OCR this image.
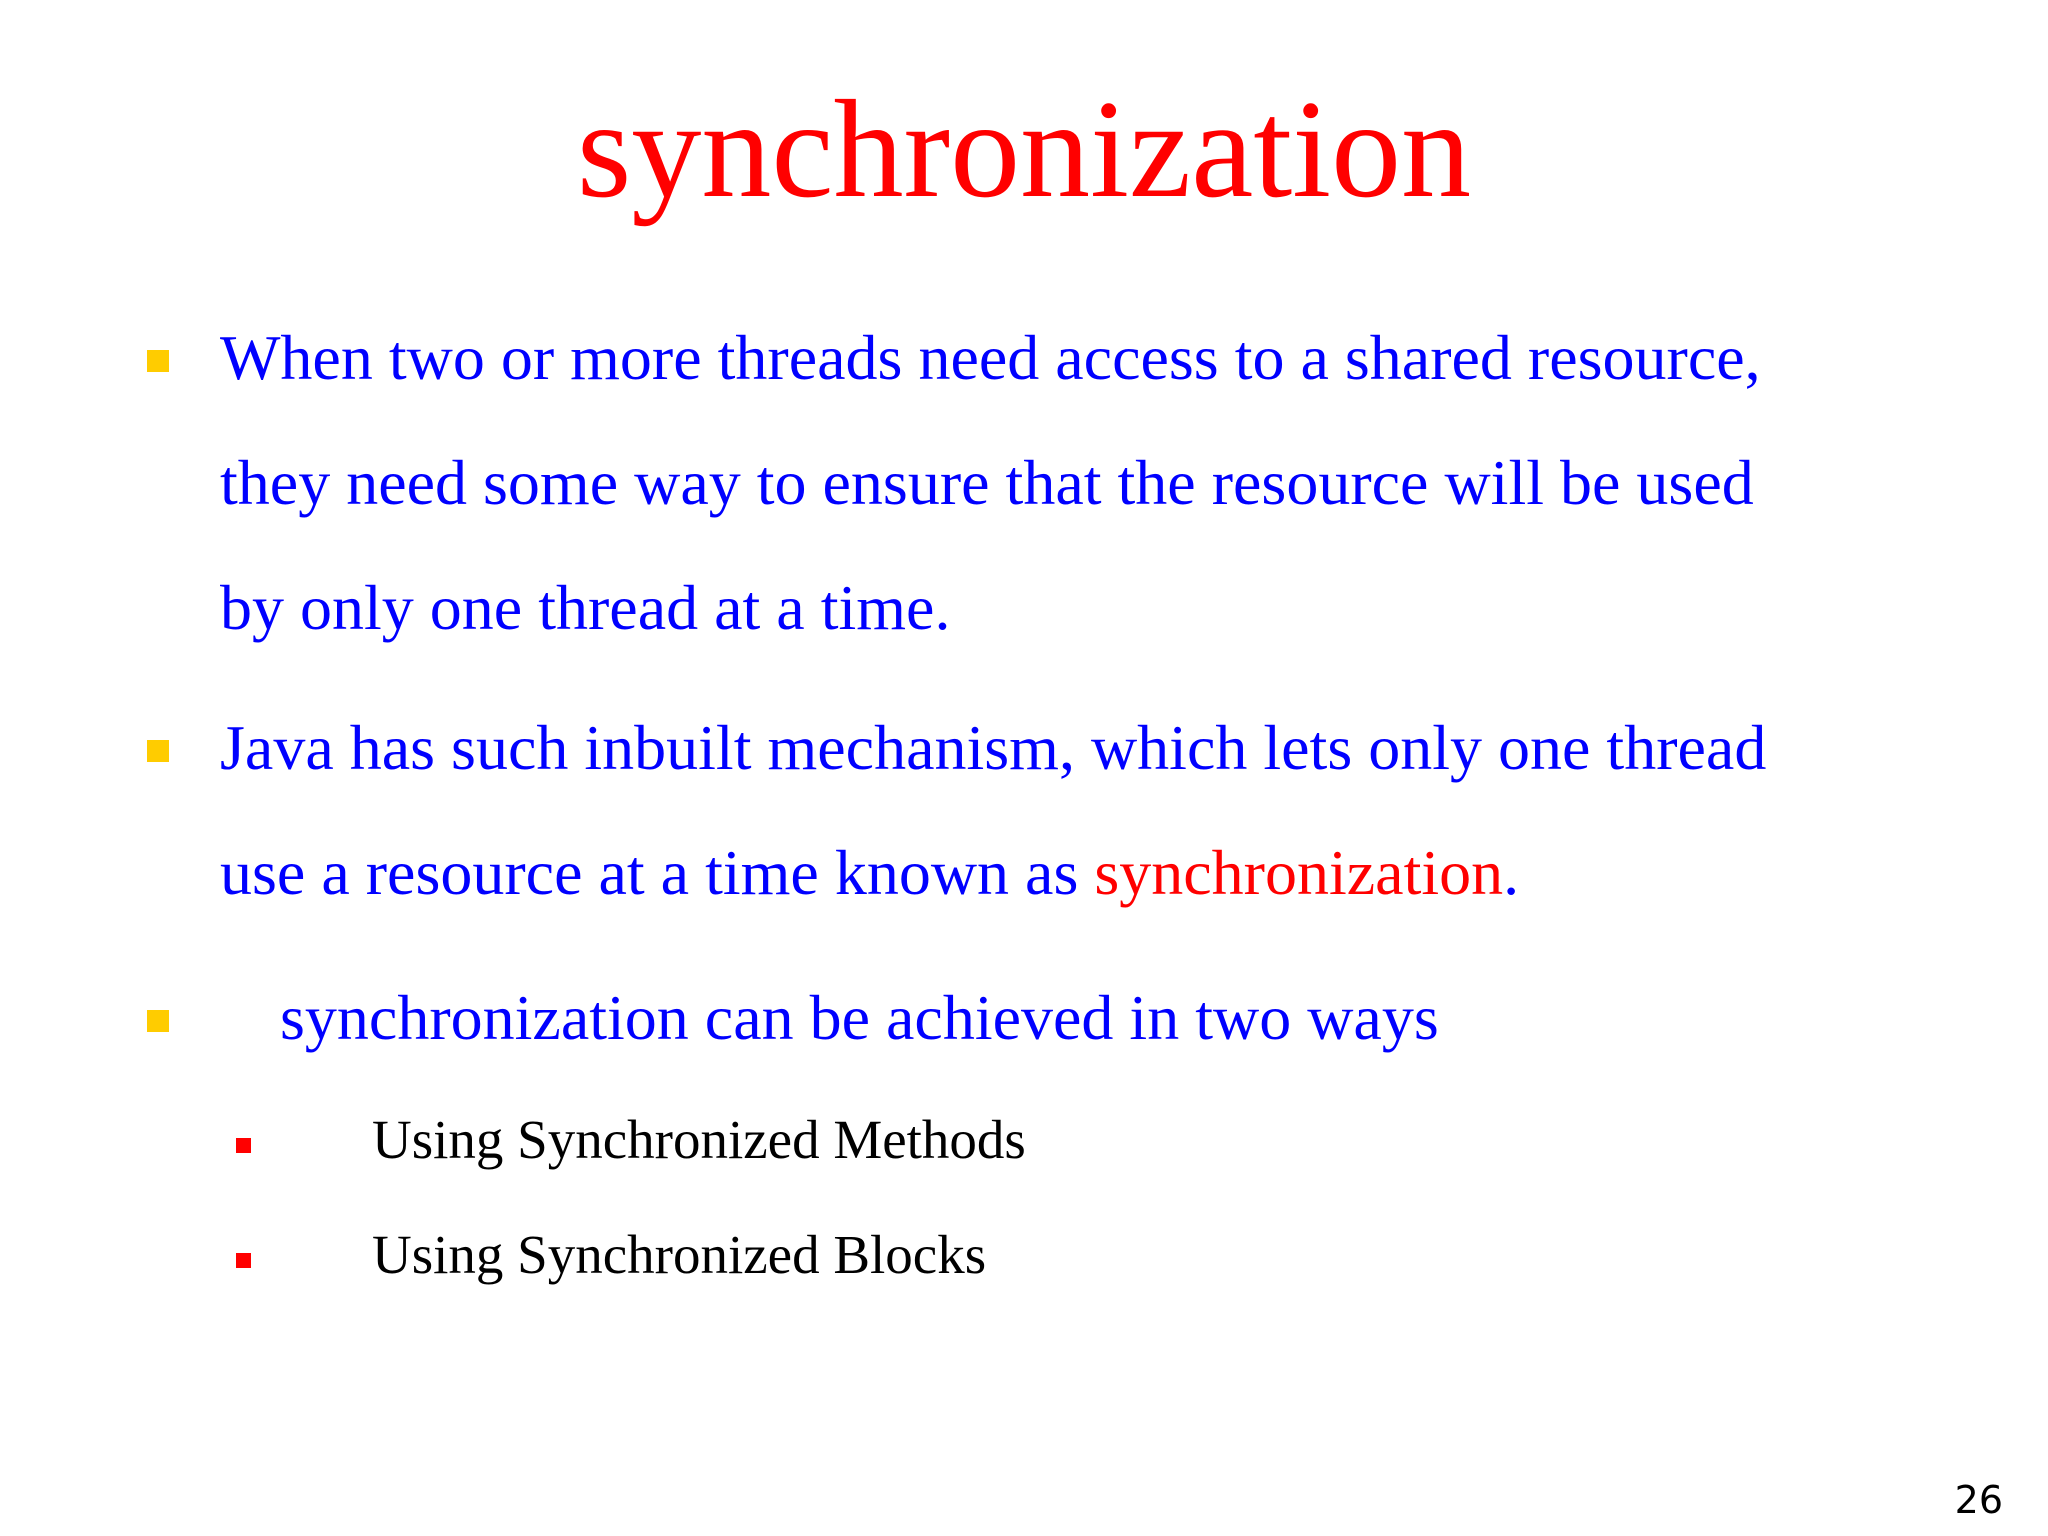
synchronization
When two or more threads need access to a shared resource,
they need some way to ensure that the resource will be used
by only one thread at a time.
Java has such inbuilt mechanism, which lets only one thread
use a resource at a time known as synchronization.
synchronization can be achieved in two ways
Using Synchronized Methods
Using Synchronized Blocks
26
